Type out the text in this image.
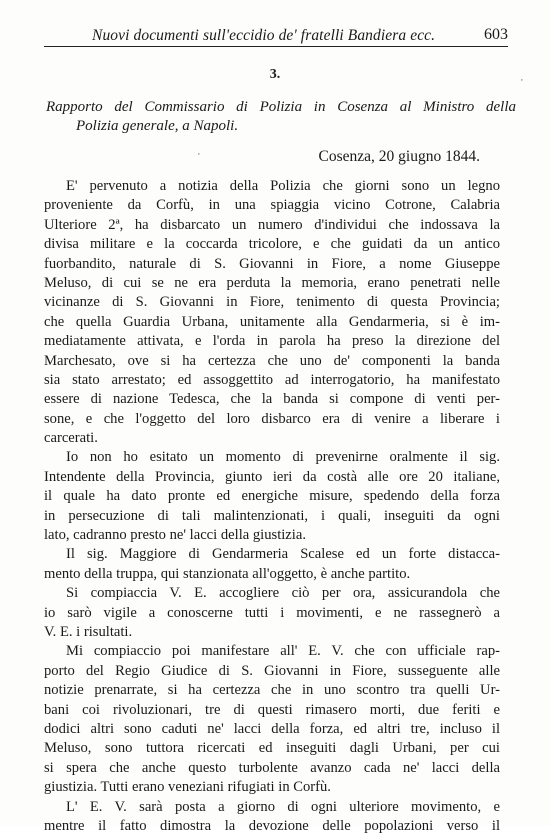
Nuovi documenti sull'eccidio de' fratelli Bandiera ecc.	603
3.
Rapporto del Commissario di Polizia in Cosenza al Ministro della
Polizia generale, a Napoli.
Cosenza, 20 giugno 1844.
E' pervenuto a notizia della Polizia che giorni sono un legno
proveniente da Corfù, in una spiaggia vicino Cotrone, Calabria
Ulteriore 2ª, ha disbarcato un numero d'individui che indossava la
divisa militare e la coccarda tricolore, e che guidati da un antico
fuorbandito, naturale di S. Giovanni in Fiore, a nome Giuseppe
Meluso, di cui se ne era perduta la memoria, erano penetrati nelle
vicinanze di S. Giovanni in Fiore, tenimento di questa Provincia;
che quella Guardia Urbana, unitamente alla Gendarmeria, si è im-
mediatamente attivata, e l'orda in parola ha preso la direzione del
Marchesato, ove si ha certezza che uno de' componenti la banda
sia stato arrestato; ed assoggettito ad interrogatorio, ha manifestato
essere di nazione Tedesca, che la banda si compone di venti per-
sone, e che l'oggetto del loro disbarco era di venire a liberare i
carcerati.
Io non ho esitato un momento di prevenirne oralmente il sig.
Intendente della Provincia, giunto ieri da costà alle ore 20 italiane,
il quale ha dato pronte ed energiche misure, spedendo della forza
in persecuzione di tali malintenzionati, i quali, inseguiti da ogni
lato, cadranno presto ne' lacci della giustizia.
Il sig. Maggiore di Gendarmeria Scalese ed un forte distacca-
mento della truppa, qui stanzionata all'oggetto, è anche partito.
Si compiaccia V. E. accogliere ciò per ora, assicurandola che
io sarò vigile a conoscerne tutti i movimenti, e ne rassegnerò a
V. E. i risultati.
Mi compiaccio poi manifestare all' E. V. che con ufficiale rap-
porto del Regio Giudice di S. Giovanni in Fiore, susseguente alle
notizie prenarrate, si ha certezza che in uno scontro tra quelli Ur-
bani coi rivoluzionari, tre di questi rimasero morti, due feriti e
dodici altri sono caduti ne' lacci della forza, ed altri tre, incluso il
Meluso, sono tuttora ricercati ed inseguiti dagli Urbani, per cui
si spera che anche questo turbolente avanzo cada ne' lacci della
giustizia. Tutti erano veneziani rifugiati in Corfù.
L' E. V. sarà posta a giorno di ogni ulteriore movimento, e
mentre il fatto dimostra la devozione delle popolazioni verso il
·
·
